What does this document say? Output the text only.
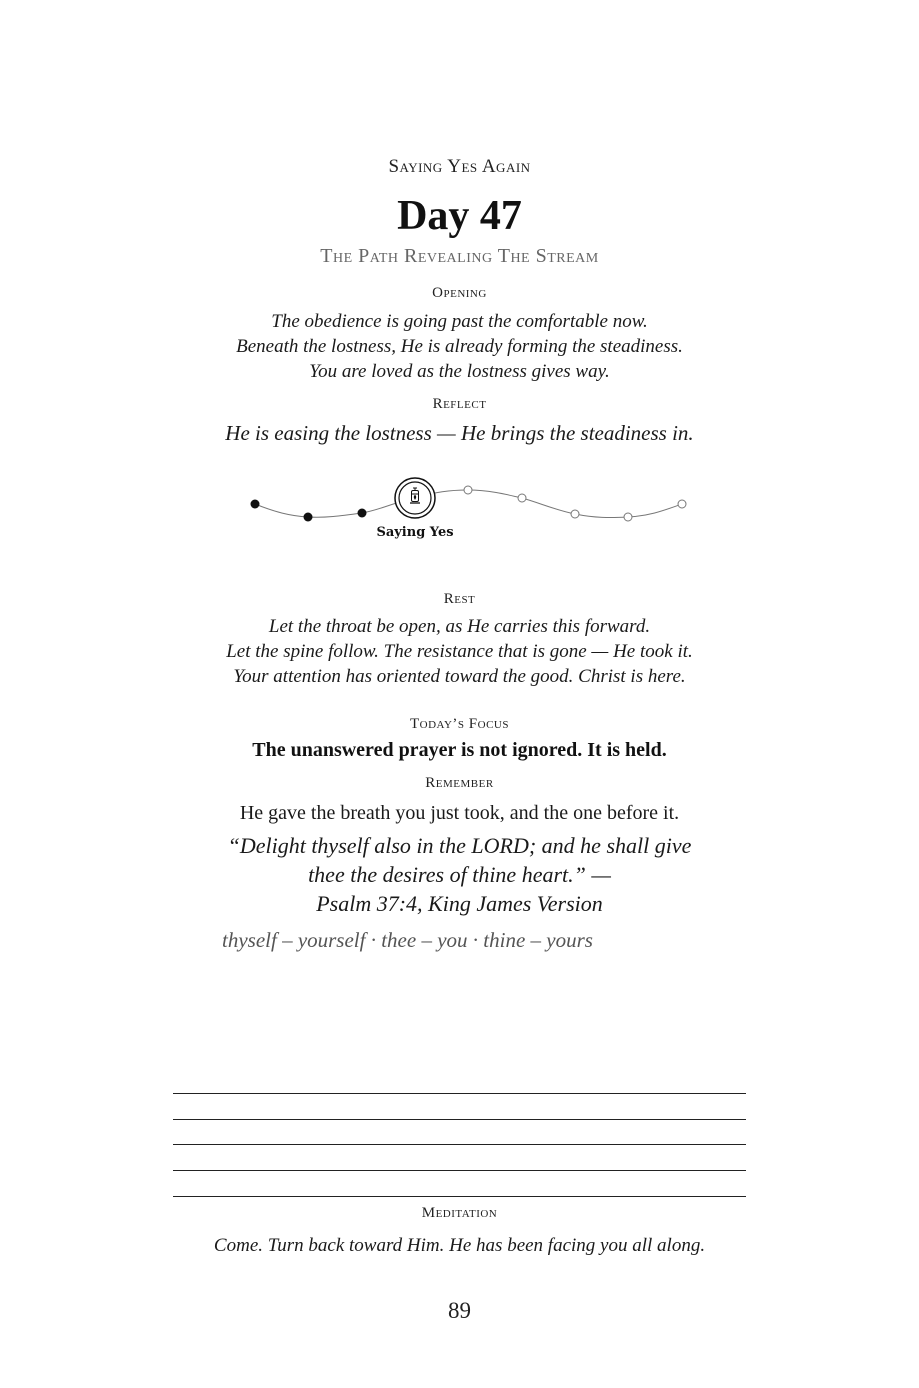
Saying Yes Again
Day 47
The Path Revealing The Stream
Opening
The obedience is going past the comfortable now.
Beneath the lostness, He is already forming the steadiness.
You are loved as the lostness gives way.
Reflect
He is easing the lostness — He brings the steadiness in.
Saying Yes
Rest
Let the throat be open, as He carries this forward.
Let the spine follow. The resistance that is gone — He took it.
Your attention has oriented toward the good. Christ is here.
Today’s Focus
The unanswered prayer is not ignored. It is held.
Remember
He gave the breath you just took, and the one before it.
“Delight thyself also in the LORD; and he shall give
thee the desires of thine heart.” —
Psalm 37:4, King James Version
thyself – yourself · thee – you · thine – yours
Meditation
Come. Turn back toward Him. He has been facing you all along.
89
